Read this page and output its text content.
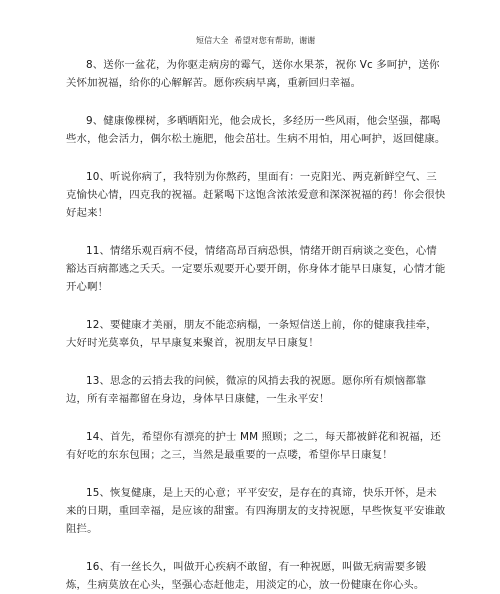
短信大全 希望对您有帮助，谢谢
8、送你一盆花，为你驱走病房的霉气，送你水果茶，祝你 Vc 多呵护，送你关怀加祝福，给你的心解解苦。愿你疾病早离，重新回归幸福。
9、健康像棵树，多晒晒阳光，他会成长，多经历一些风雨，他会坚强，都喝些水，他会活力，偶尔松土施肥，他会茁壮。生病不用怕，用心呵护，返回健康。
10、听说你病了，我特别为你熬药，里面有：一克阳光、两克新鲜空气、三克愉快心情，四克我的祝福。赶紧喝下这饱含浓浓爱意和深深祝福的药！你会很快好起来！
11、情绪乐观百病不侵，情绪高昂百病恐惧，情绪开朗百病谈之变色，心情豁达百病都逃之夭夭。一定要乐观要开心要开朗，你身体才能早日康复，心情才能开心啊！
12、要健康才美丽，朋友不能恋病榻，一条短信送上前，你的健康我挂牵，大好时光莫辜负，早早康复来聚首，祝朋友早日康复！
13、思念的云捎去我的问候，微凉的风捎去我的祝愿。愿你所有烦恼都靠边，所有幸福都留在身边，身体早日康健，一生永平安！
14、首先，希望你有漂亮的护士 MM 照顾；之二，每天都被鲜花和祝福，还有好吃的东东包围；之三，当然是最重要的一点喽，希望你早日康复！
15、恢复健康，是上天的心意；平平安安，是存在的真谛，快乐开怀，是未来的日期，重回幸福，是应该的甜蜜。有四海朋友的支持祝愿，早些恢复平安谁敢阻拦。
16、有一丝长久，叫做开心疾病不敢留，有一种祝愿，叫做无病需要多锻炼，生病莫放在心头，坚强心态赶他走，用淡定的心，放一份健康在你心头。
